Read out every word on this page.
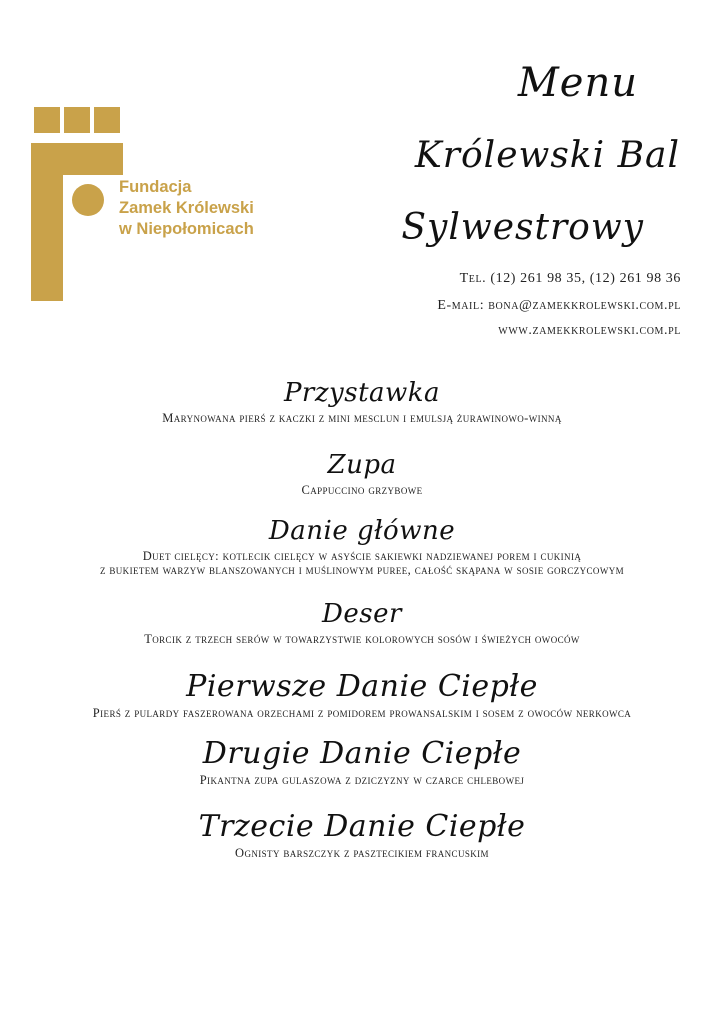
Fundacja
Zamek Królewski
w Niepołomicach
Menu
Królewski Bal
Sylwestrowy
Tel. (12) 261 98 35, (12) 261 98 36
E-mail: bona@zamekkrolewski.com.pl
www.zamekkrolewski.com.pl
Przystawka
Marynowana pierś z kaczki z mini mesclun i emulsją żurawinowo-winną
Zupa
Cappuccino grzybowe
Danie główne
Duet cielęcy: kotlecik cielęcy w asyście sakiewki nadziewanej porem i cukinią
z bukietem warzyw blanszowanych i muślinowym puree, całość skąpana w sosie gorczycowym
Deser
Torcik z trzech serów w towarzystwie kolorowych sosów i świeżych owoców
Pierwsze Danie Ciepłe
Pierś z pulardy faszerowana orzechami z pomidorem prowansalskim i sosem z owoców nerkowca
Drugie Danie Ciepłe
Pikantna zupa gulaszowa z dziczyzny w czarce chlebowej
Trzecie Danie Ciepłe
Ognisty barszczyk z pasztecikiem francuskim
